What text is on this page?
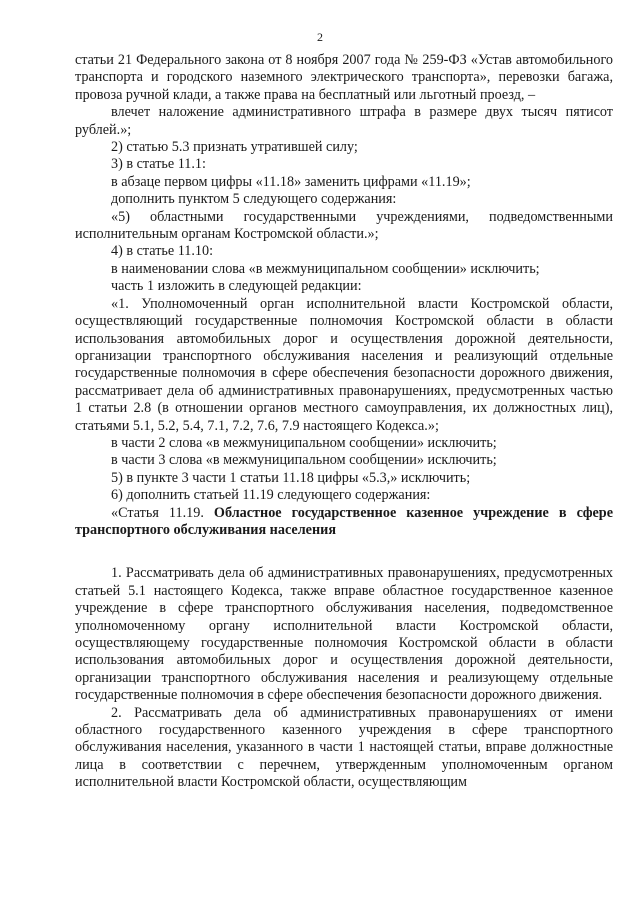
2

статьи 21 Федерального закона от 8 ноября 2007 года № 259-ФЗ «Устав автомобильного транспорта и городского наземного электрического транспорта», перевозки багажа, провоза ручной клади, а также права на бесплатный или льготный проезд, –

влечет наложение административного штрафа в размере двух тысяч пятисот рублей.»;

2) статью 5.3 признать утратившей силу;

3) в статье 11.1:

в абзаце первом цифры «11.18» заменить цифрами «11.19»;

дополнить пунктом 5 следующего содержания:

«5) областными государственными учреждениями, подведомственными исполнительным органам Костромской области.»;

4) в статье 11.10:

в наименовании слова «в межмуниципальном сообщении» исключить;

часть 1 изложить в следующей редакции:

«1. Уполномоченный орган исполнительной власти Костромской области, осуществляющий государственные полномочия Костромской области в области использования автомобильных дорог и осуществления дорожной деятельности, организации транспортного обслуживания населения и реализующий отдельные государственные полномочия в сфере обеспечения безопасности дорожного движения, рассматривает дела об административных правонарушениях, предусмотренных частью 1 статьи 2.8 (в отношении органов местного самоуправления, их должностных лиц), статьями 5.1, 5.2, 5.4, 7.1, 7.2, 7.6, 7.9 настоящего Кодекса.»;

в части 2 слова «в межмуниципальном сообщении» исключить;

в части 3 слова «в межмуниципальном сообщении» исключить;

5) в пункте 3 части 1 статьи 11.18 цифры «5.3,» исключить;

6) дополнить статьей 11.19 следующего содержания:

«Статья 11.19. Областное государственное казенное учреждение в сфере транспортного обслуживания населения

1. Рассматривать дела об административных правонарушениях, предусмотренных статьей 5.1 настоящего Кодекса, также вправе областное государственное казенное учреждение в сфере транспортного обслуживания населения, подведомственное уполномоченному органу исполнительной власти Костромской области, осуществляющему государственные полномочия Костромской области в области использования автомобильных дорог и осуществления дорожной деятельности, организации транспортного обслуживания населения и реализующему отдельные государственные полномочия в сфере обеспечения безопасности дорожного движения.

2. Рассматривать дела об административных правонарушениях от имени областного государственного казенного учреждения в сфере транспортного обслуживания населения, указанного в части 1 настоящей статьи, вправе должностные лица в соответствии с перечнем, утвержденным уполномоченным органом исполнительной власти Костромской области, осуществляющим
